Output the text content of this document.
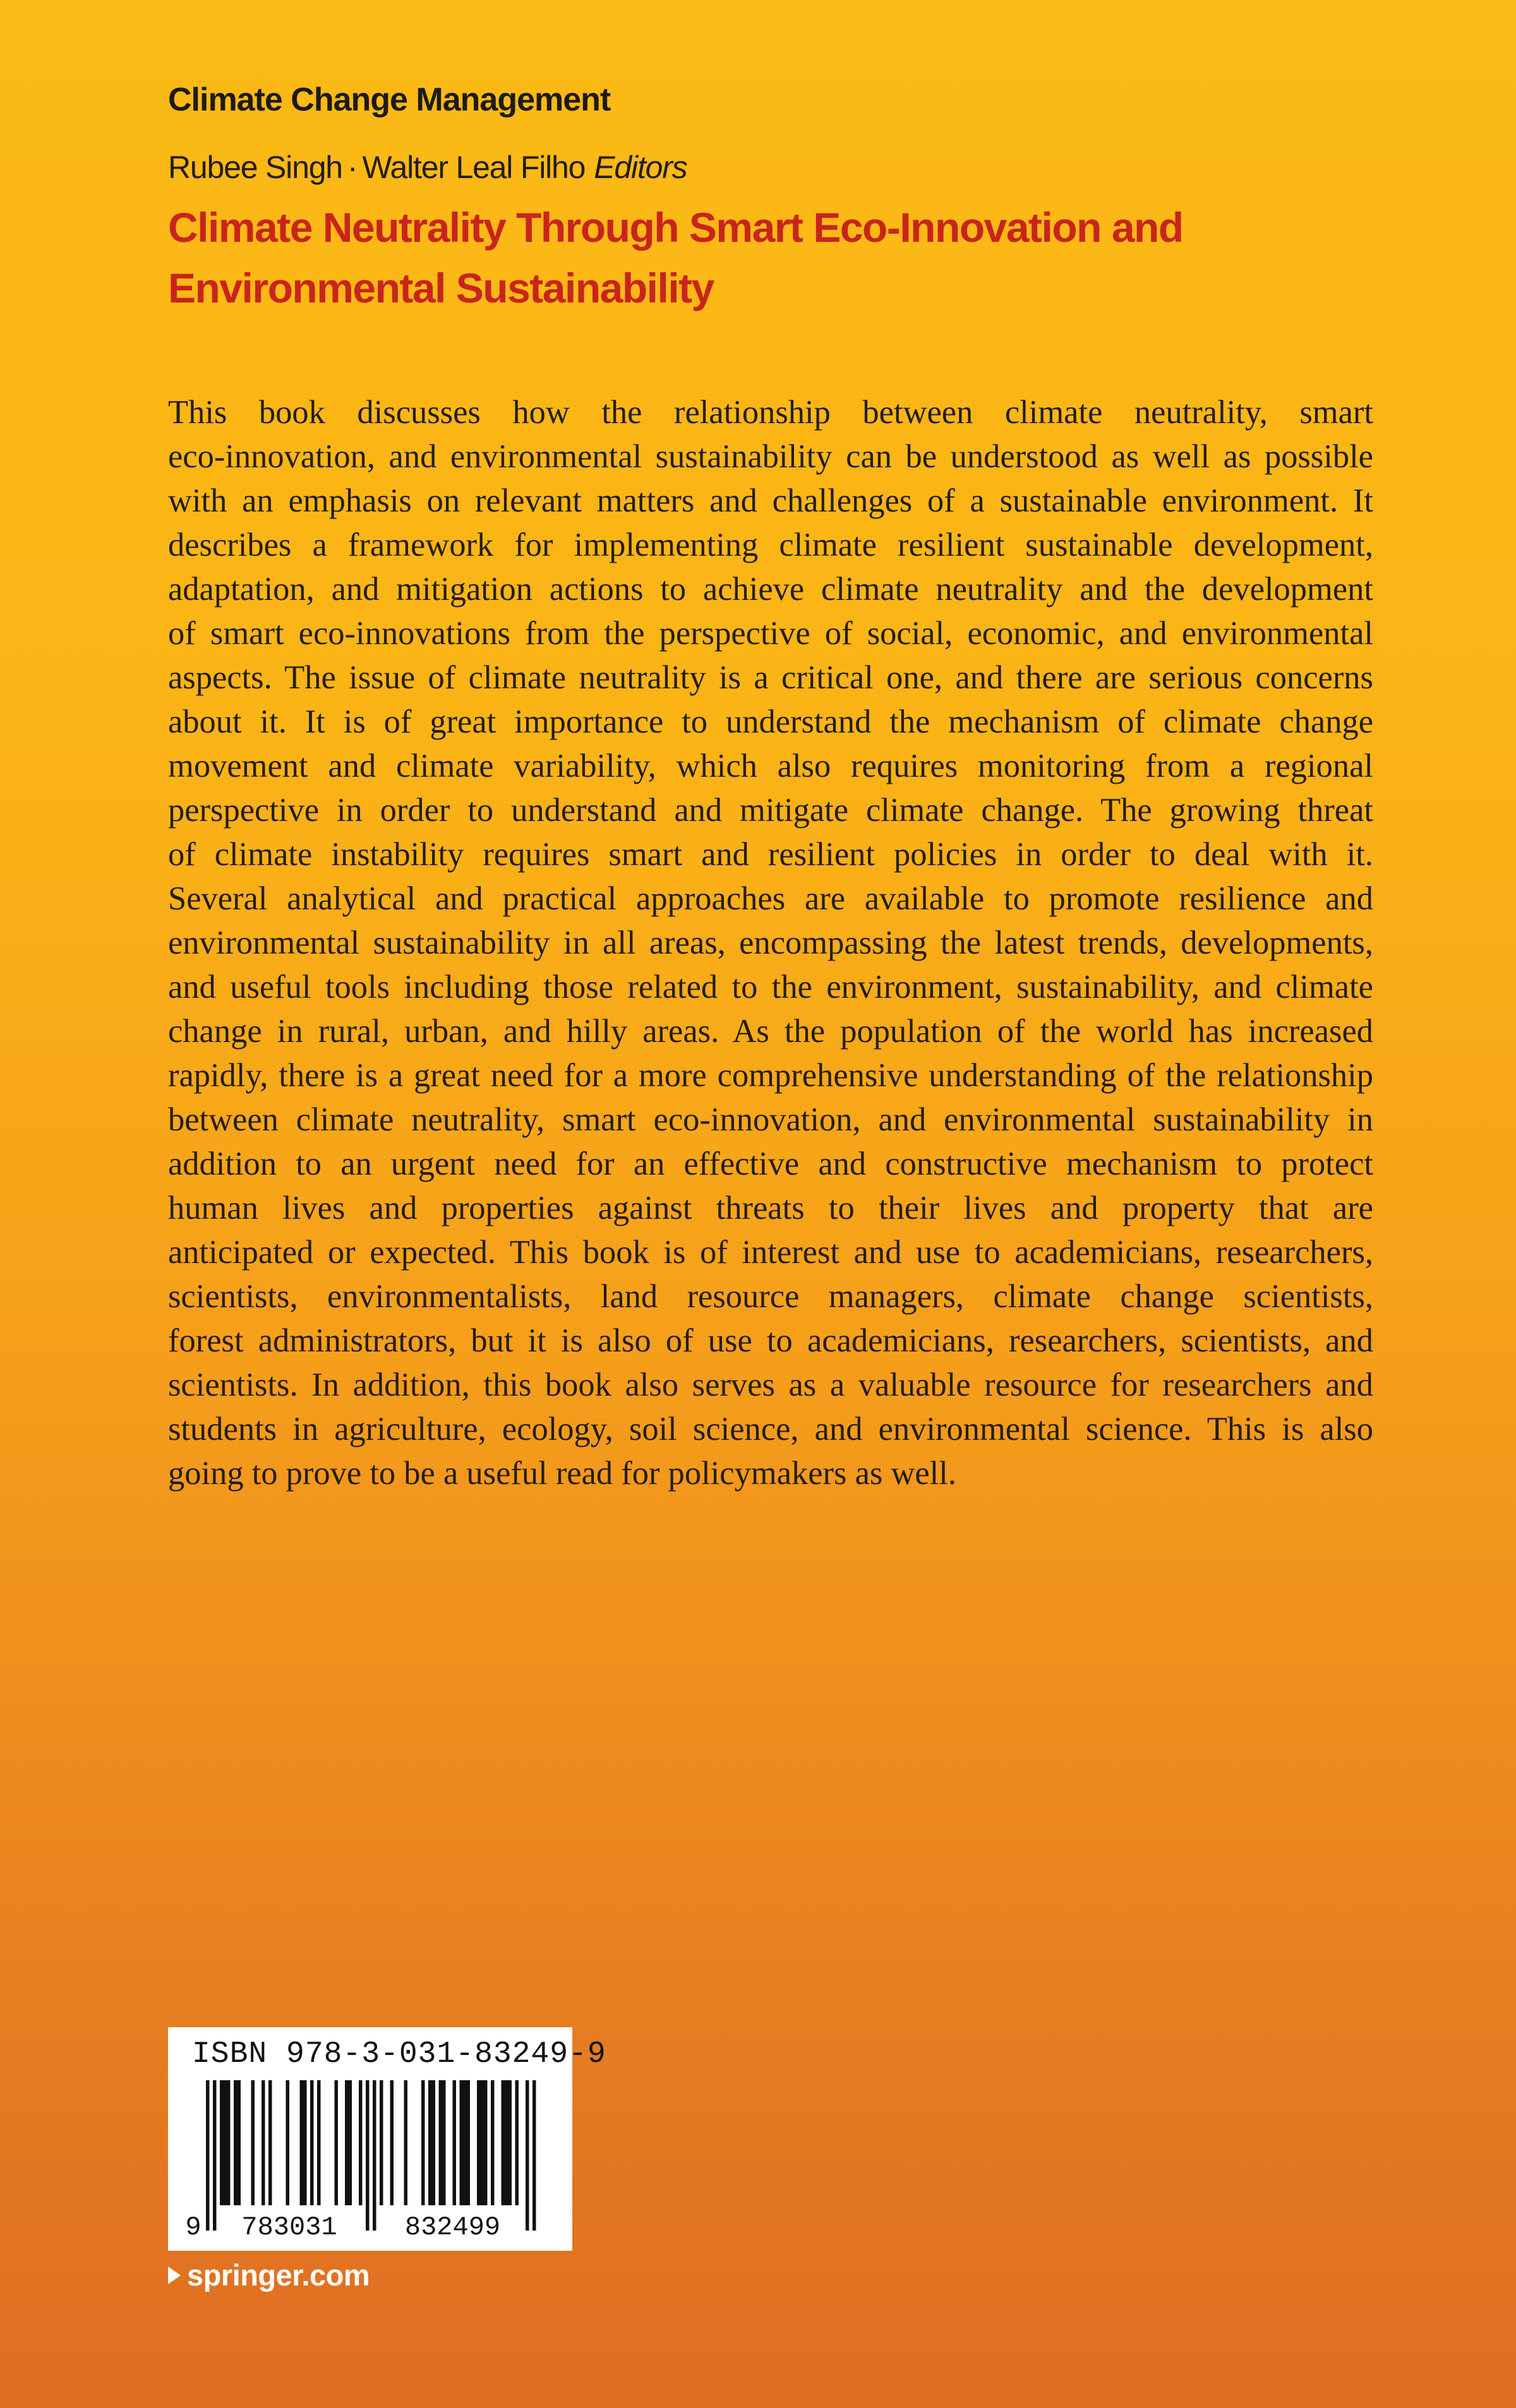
Climate Change Management
Rubee Singh · Walter Leal Filho Editors
Climate Neutrality Through Smart Eco-Innovation and
Environmental Sustainability
This book discusses how the relationship between climate neutrality, smart
eco-innovation, and environmental sustainability can be understood as well as possible
with an emphasis on relevant matters and challenges of a sustainable environment. It
describes a framework for implementing climate resilient sustainable development,
adaptation, and mitigation actions to achieve climate neutrality and the development
of smart eco-innovations from the perspective of social, economic, and environmental
aspects. The issue of climate neutrality is a critical one, and there are serious concerns
about it. It is of great importance to understand the mechanism of climate change
movement and climate variability, which also requires monitoring from a regional
perspective in order to understand and mitigate climate change. The growing threat
of climate instability requires smart and resilient policies in order to deal with it.
Several analytical and practical approaches are available to promote resilience and
environmental sustainability in all areas, encompassing the latest trends, developments,
and useful tools including those related to the environment, sustainability, and climate
change in rural, urban, and hilly areas. As the population of the world has increased
rapidly, there is a great need for a more comprehensive understanding of the relationship
between climate neutrality, smart eco-innovation, and environmental sustainability in
addition to an urgent need for an effective and constructive mechanism to protect
human lives and properties against threats to their lives and property that are
anticipated or expected. This book is of interest and use to academicians, researchers,
scientists, environmentalists, land resource managers, climate change scientists,
forest administrators, but it is also of use to academicians, researchers, scientists, and
scientists. In addition, this book also serves as a valuable resource for researchers and
students in agriculture, ecology, soil science, and environmental science. This is also
going to prove to be a useful read for policymakers as well.
ISBN 978-3-031-83249-9
9 783031	832499
springer.com
